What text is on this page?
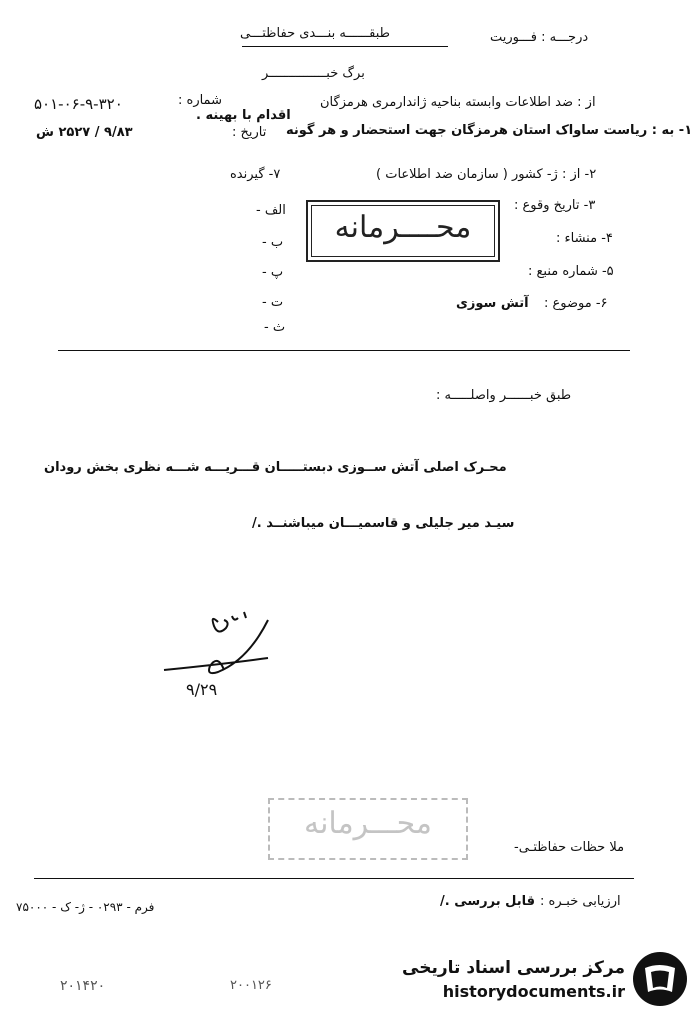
طبقــــــه بنـــدی حفاظتـــی	درجـــه : فـــوریت
برگ خبـــــــــــــــر
از : ضد اطلاعات وابسته بناحیه ژاندارمری هرمزگان
شماره :
۵۰۱-۰۶-۹-۳۲۰
اقدام با بهینه .
۱- به : ریاست ساواک استان هرمزگان جهت استحضار و هر گونه
تاریخ :
۹/۸۳ / ۲۵۲۷ ش
۲- از : ژ- کشور ( سازمان ضد اطلاعات )
۷- گیرنده
۳- تاریخ وقوع :
۴- منشاء :
۵- شماره منبع :
۶- موضوع :
آتش سوزی
الف -
ب -
پ -
ت -
ث -
محــــرمانه
طبق خبــــــر واصلـــــه :
محـرک اصلی آتش ســوزی دبستـــــان قـــریـــه شـــه نظری بخش رودان
سیـد میر جلیلی و قاسمیـــان میباشنــد ./
۹/۲۹
محـــرمانه
ملا حظات حفاظتـی-
فرم - ۰۲۹۳ - ژ- ک - ۷۵۰۰۰	ارزیابی خبـره :
قابل بررسی ./
۲۰۱۴۲۰	۲۰۰۱۲۶
مرکز بررسی اسناد تاریخی
historydocuments.ir
